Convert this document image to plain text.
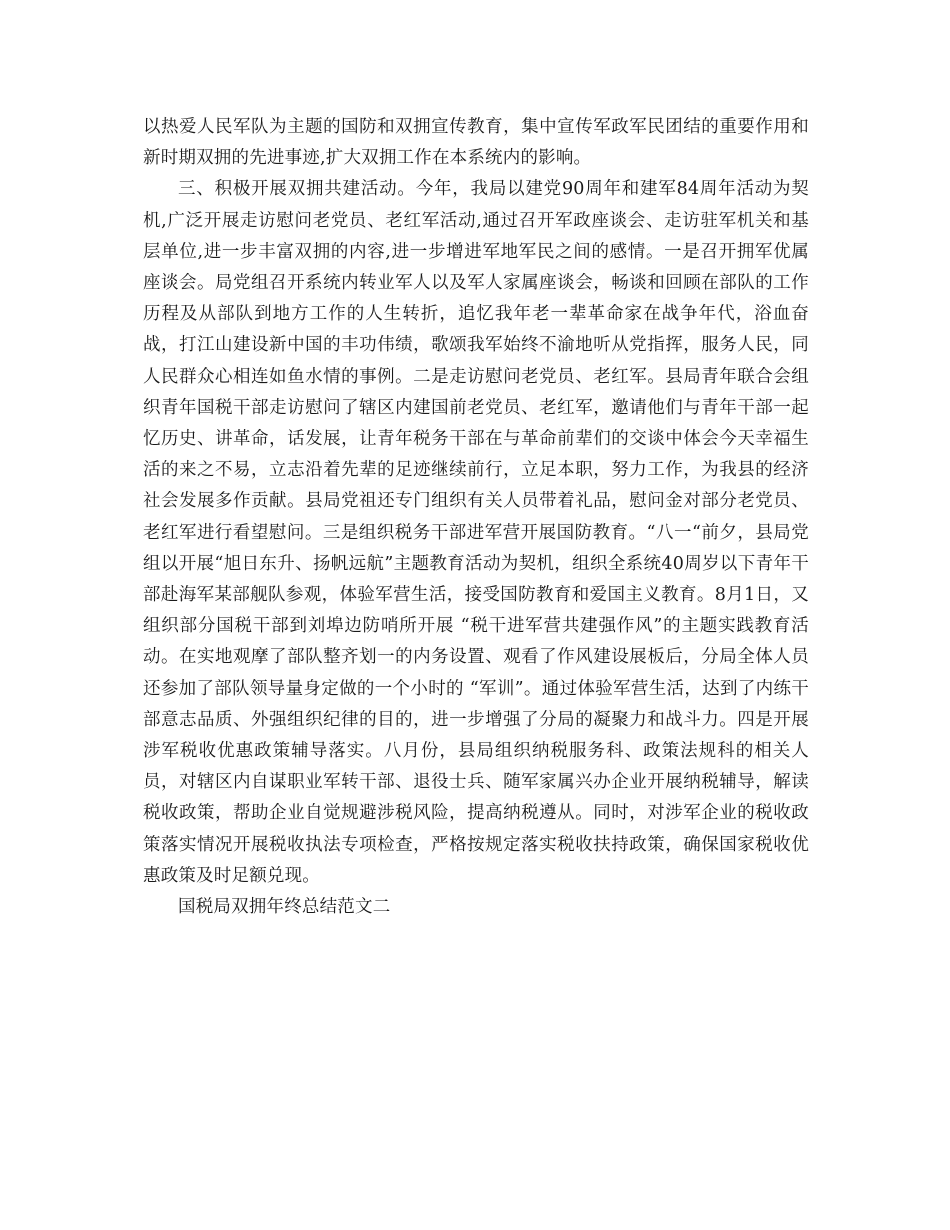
以热爱人民军队为主题的国防和双拥宣传教育，集中宣传军政军民团结的重要作用和新时期双拥的先进事迹,扩大双拥工作在本系统内的影响。

三、积极开展双拥共建活动。今年，我局以建党90周年和建军84周年活动为契机,广泛开展走访慰问老党员、老红军活动,通过召开军政座谈会、走访驻军机关和基层单位,进一步丰富双拥的内容,进一步增进军地军民之间的感情。一是召开拥军优属座谈会。局党组召开系统内转业军人以及军人家属座谈会，畅谈和回顾在部队的工作历程及从部队到地方工作的人生转折，追忆我年老一辈革命家在战争年代，浴血奋战，打江山建设新中国的丰功伟绩，歌颂我军始终不渝地听从党指挥，服务人民，同人民群众心相连如鱼水情的事例。二是走访慰问老党员、老红军。县局青年联合会组织青年国税干部走访慰问了辖区内建国前老党员、老红军，邀请他们与青年干部一起忆历史、讲革命，话发展，让青年税务干部在与革命前辈们的交谈中体会今天幸福生活的来之不易，立志沿着先辈的足迹继续前行，立足本职，努力工作，为我县的经济社会发展多作贡献。县局党祖还专门组织有关人员带着礼品，慰问金对部分老党员、老红军进行看望慰问。三是组织税务干部进军营开展国防教育。“八一“前夕，县局党组以开展“旭日东升、扬帆远航”主题教育活动为契机，组织全系统40周岁以下青年干部赴海军某部舰队参观，体验军营生活，接受国防教育和爱国主义教育。8月1日，又组织部分国税干部到刘埠边防哨所开展 “税干进军营共建强作风”的主题实践教育活动。在实地观摩了部队整齐划一的内务设置、观看了作风建设展板后，分局全体人员还参加了部队领导量身定做的一个小时的 “军训”。通过体验军营生活，达到了内练干部意志品质、外强组织纪律的目的，进一步增强了分局的凝聚力和战斗力。四是开展涉军税收优惠政策辅导落实。八月份，县局组织纳税服务科、政策法规科的相关人员，对辖区内自谋职业军转干部、退役士兵、随军家属兴办企业开展纳税辅导，解读税收政策，帮助企业自觉规避涉税风险，提高纳税遵从。同时，对涉军企业的税收政策落实情况开展税收执法专项检查，严格按规定落实税收扶持政策，确保国家税收优惠政策及时足额兑现。

国税局双拥年终总结范文二
